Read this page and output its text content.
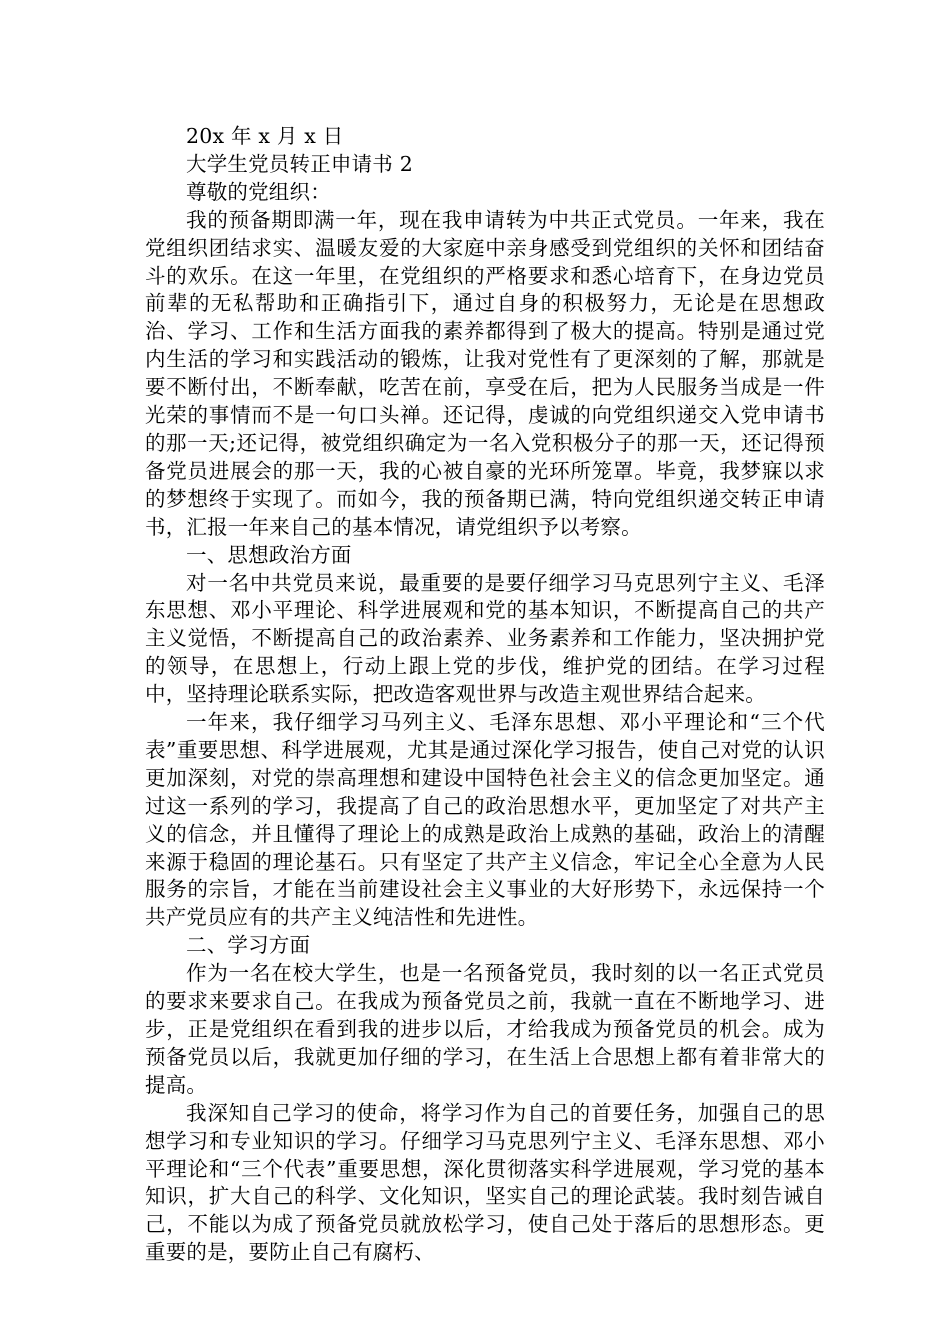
20x 年 x 月 x 日

大学生党员转正申请书 2

尊敬的党组织：

我的预备期即满一年，现在我申请转为中共正式党员。一年来，我在党组织团结求实、温暖友爱的大家庭中亲身感受到党组织的关怀和团结奋斗的欢乐。在这一年里，在党组织的严格要求和悉心培育下，在身边党员前辈的无私帮助和正确指引下，通过自身的积极努力，无论是在思想政治、学习、工作和生活方面我的素养都得到了极大的提高。特别是通过党内生活的学习和实践活动的锻炼，让我对党性有了更深刻的了解，那就是要不断付出，不断奉献，吃苦在前，享受在后，把为人民服务当成是一件光荣的事情而不是一句口头禅。还记得，虔诚的向党组织递交入党申请书的那一天;还记得，被党组织确定为一名入党积极分子的那一天，还记得预备党员进展会的那一天，我的心被自豪的光环所笼罩。毕竟，我梦寐以求的梦想终于实现了。而如今，我的预备期已满，特向党组织递交转正申请书，汇报一年来自己的基本情况，请党组织予以考察。

一、思想政治方面

对一名中共党员来说，最重要的是要仔细学习马克思列宁主义、毛泽东思想、邓小平理论、科学进展观和党的基本知识，不断提高自己的共产主义觉悟，不断提高自己的政治素养、业务素养和工作能力，坚决拥护党的领导，在思想上，行动上跟上党的步伐，维护党的团结。在学习过程中，坚持理论联系实际，把改造客观世界与改造主观世界结合起来。

一年来，我仔细学习马列主义、毛泽东思想、邓小平理论和“三个代表”重要思想、科学进展观，尤其是通过深化学习报告，使自己对党的认识更加深刻，对党的崇高理想和建设中国特色社会主义的信念更加坚定。通过这一系列的学习，我提高了自己的政治思想水平，更加坚定了对共产主义的信念，并且懂得了理论上的成熟是政治上成熟的基础，政治上的清醒来源于稳固的理论基石。只有坚定了共产主义信念，牢记全心全意为人民服务的宗旨，才能在当前建设社会主义事业的大好形势下，永远保持一个共产党员应有的共产主义纯洁性和先进性。

二、学习方面

作为一名在校大学生，也是一名预备党员，我时刻的以一名正式党员的要求来要求自己。在我成为预备党员之前，我就一直在不断地学习、进步，正是党组织在看到我的进步以后，才给我成为预备党员的机会。成为预备党员以后，我就更加仔细的学习，在生活上合思想上都有着非常大的提高。

我深知自己学习的使命，将学习作为自己的首要任务，加强自己的思想学习和专业知识的学习。仔细学习马克思列宁主义、毛泽东思想、邓小平理论和“三个代表”重要思想，深化贯彻落实科学进展观，学习党的基本知识，扩大自己的科学、文化知识，坚实自己的理论武装。我时刻告诫自己，不能以为成了预备党员就放松学习，使自己处于落后的思想形态。更重要的是，要防止自己有腐朽、
